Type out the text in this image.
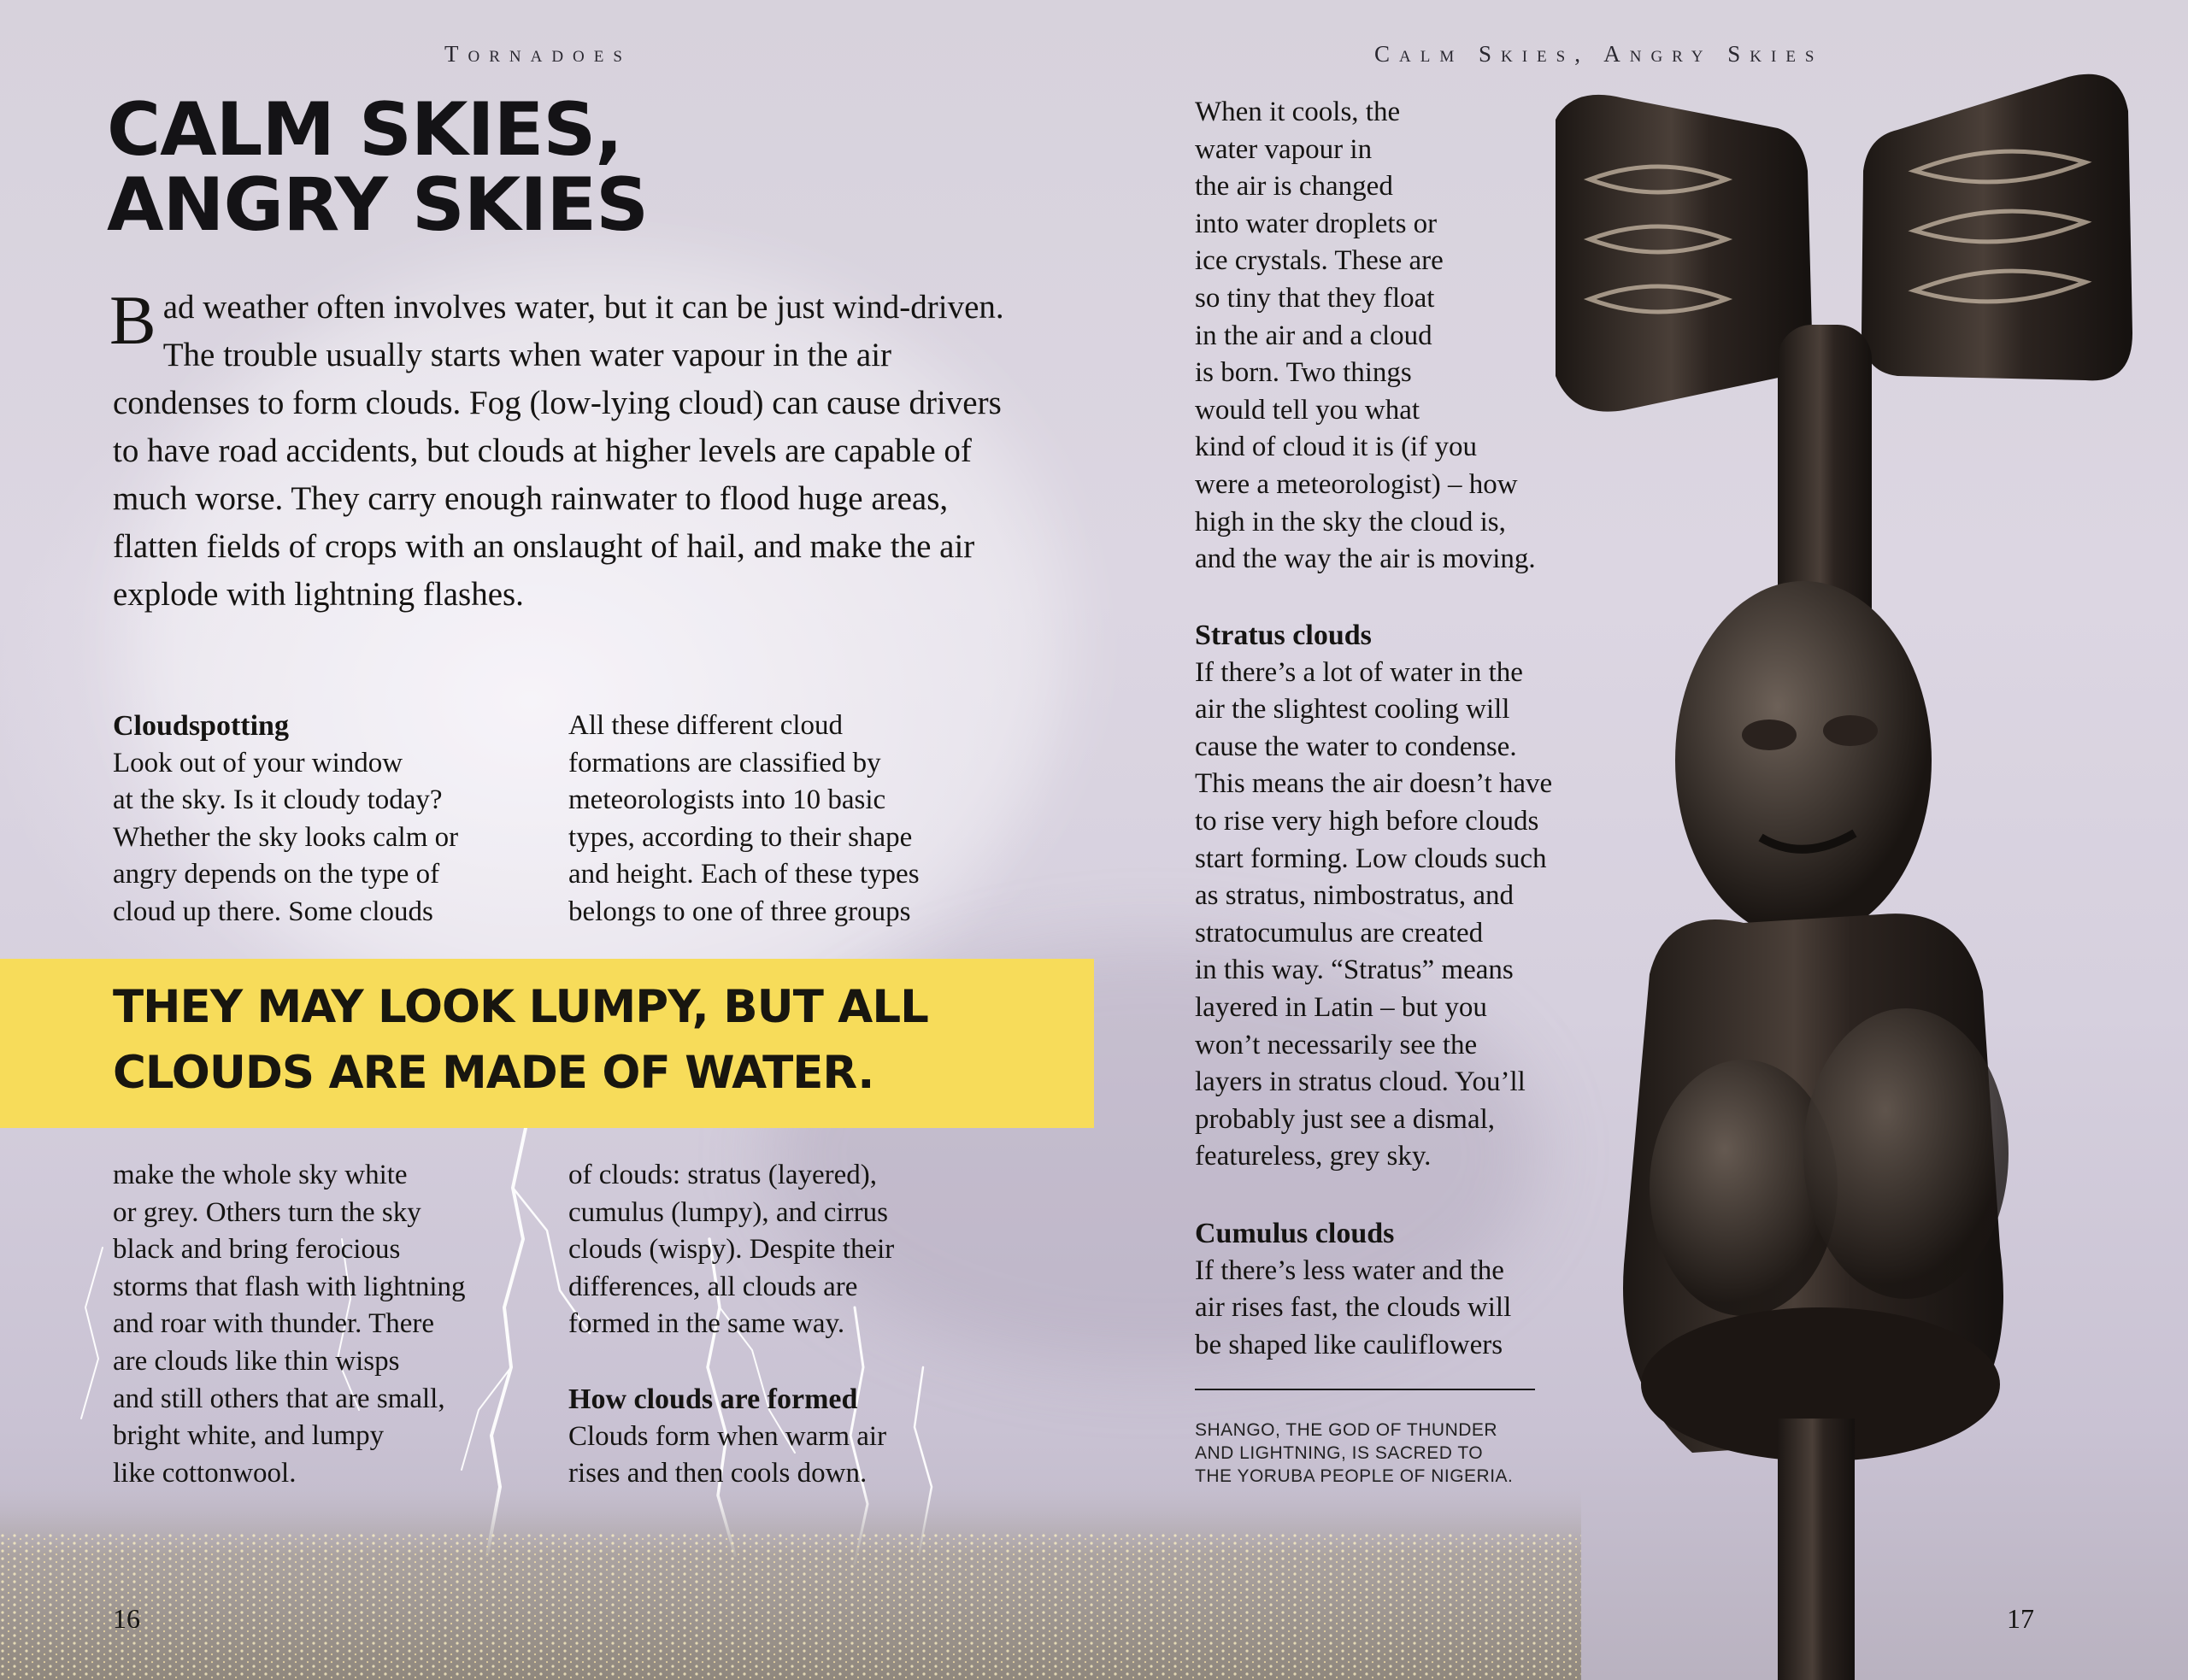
Tornadoes
CALM SKIES,
ANGRY SKIES

Bad weather often involves water, but it can be just wind-driven. The trouble usually starts when water vapour in the air condenses to form clouds. Fog (low-lying cloud) can cause drivers to have road accidents, but clouds at higher levels are capable of much worse. They carry enough rainwater to flood huge areas, flatten fields of crops with an onslaught of hail, and make the air explode with lightning flashes.

Cloudspotting

Look out of your window

at the sky. Is it cloudy today?

Whether the sky looks calm or

angry depends on the type of

cloud up there. Some clouds

All these different cloud

formations are classified by

meteorologists into 10 basic

types, according to their shape

and height. Each of these types

belongs to one of three groups

THEY MAY LOOK LUMPY, BUT ALL
CLOUDS ARE MADE OF WATER.

make the whole sky white

or grey. Others turn the sky

black and bring ferocious

storms that flash with lightning

and roar with thunder. There

are clouds like thin wisps

and still others that are small,

bright white, and lumpy

like cottonwool.

of clouds: stratus (layered),

cumulus (lumpy), and cirrus

clouds (wispy). Despite their

differences, all clouds are

formed in the same way.

How clouds are formed

Clouds form when warm air

rises and then cools down.

16
Calm Skies, Angry Skies

When it cools, the

water vapour in

the air is changed

into water droplets or

ice crystals. These are

so tiny that they float

in the air and a cloud

is born. Two things

would tell you what

kind of cloud it is (if you

were a meteorologist) – how

high in the sky the cloud is,

and the way the air is moving.

Stratus clouds

If there’s a lot of water in the

air the slightest cooling will

cause the water to condense.

This means the air doesn’t have

to rise very high before clouds

start forming. Low clouds such

as stratus, nimbostratus, and

stratocumulus are created

in this way. “Stratus” means

layered in Latin – but you

won’t necessarily see the

layers in stratus cloud. You’ll

probably just see a dismal,

featureless, grey sky.

Cumulus clouds

If there’s less water and the

air rises fast, the clouds will

be shaped like cauliflowers

SHANGO, THE GOD OF THUNDER
AND LIGHTNING, IS SACRED TO
THE YORUBA PEOPLE OF NIGERIA.

17
